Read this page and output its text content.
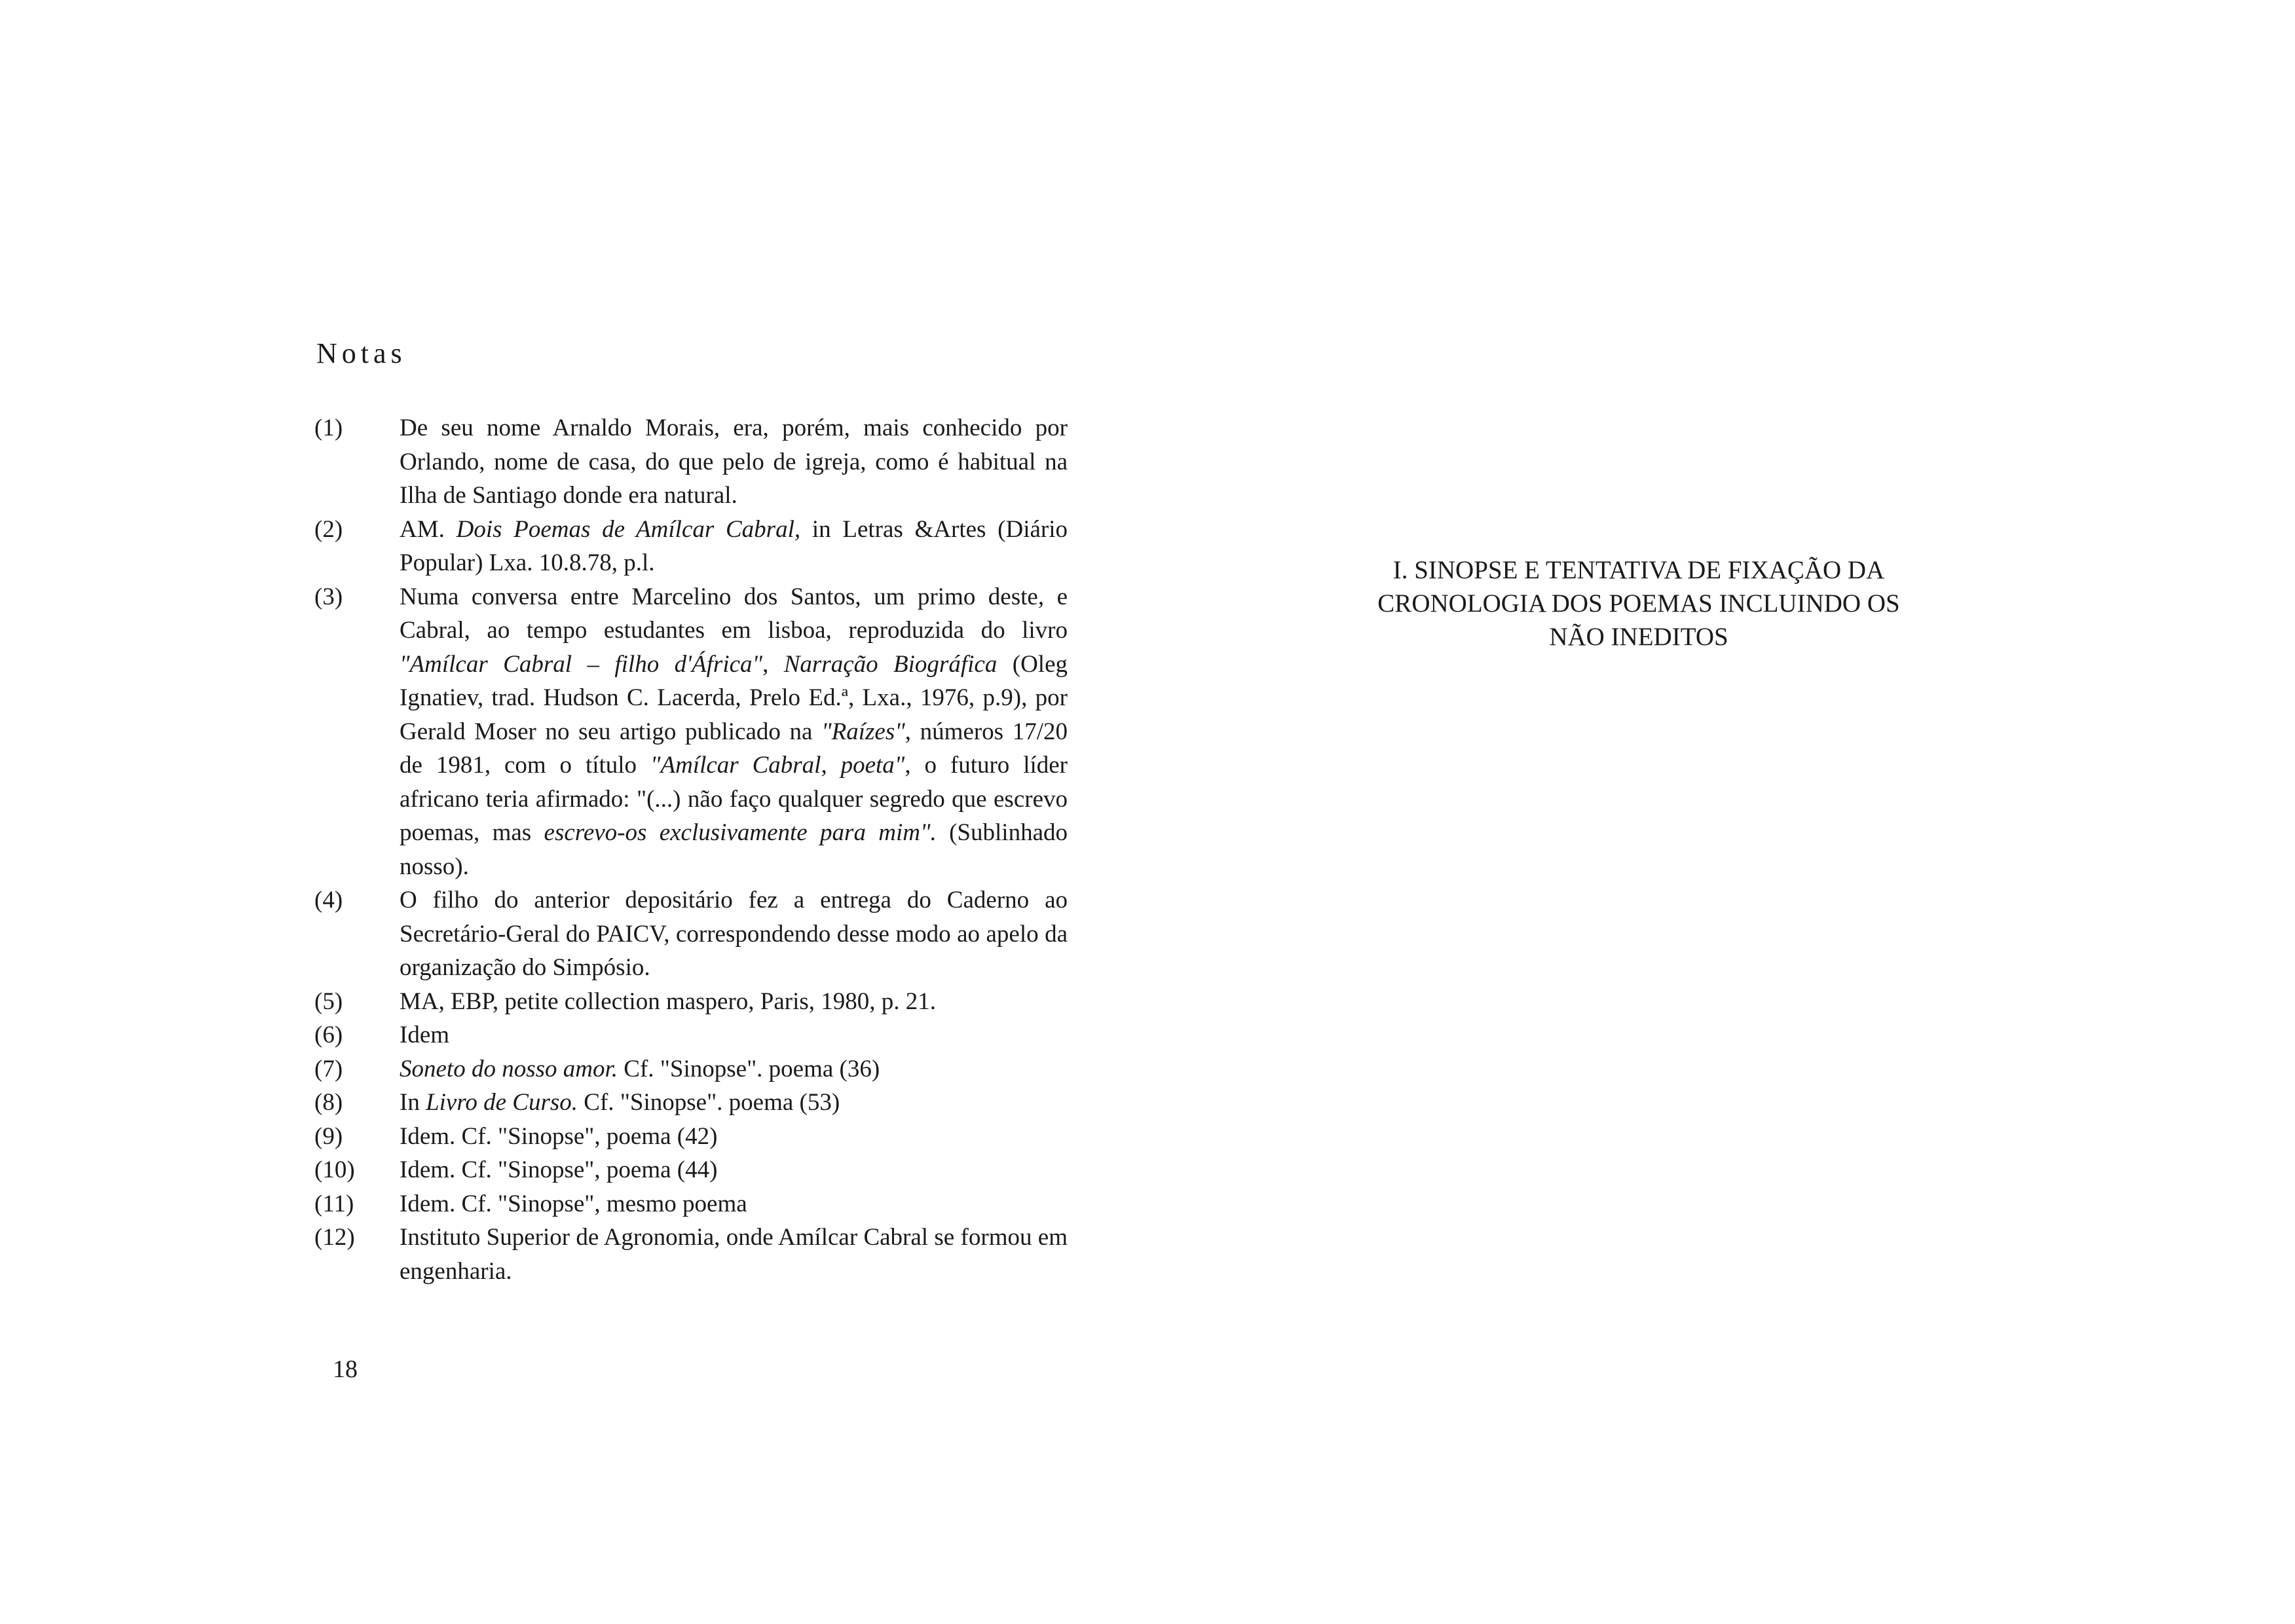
Notas
(1)	De seu nome Arnaldo Morais, era, porém, mais conhecido por Orlando, nome de casa, do que pelo de igreja, como é habitual na Ilha de Santiago donde era natural.
(2)	AM. Dois Poemas de Amílcar Cabral, in Letras &Artes (Diário Popular) Lxa. 10.8.78, p.l.
(3)	Numa conversa entre Marcelino dos Santos, um primo deste, e Cabral, ao tempo estudantes em lisboa, reproduzida do livro "Amílcar Cabral – filho d'África", Narração Biográfica (Oleg Ignatiev, trad. Hudson C. Lacerda, Prelo Ed.ª, Lxa., 1976, p.9), por Gerald Moser no seu artigo publicado na "Raízes", números 17/20 de 1981, com o título "Amílcar Cabral, poeta", o futuro líder africano teria afirmado: "(...) não faço qualquer segredo que escrevo poemas, mas escrevo-os exclusivamente para mim". (Sublinhado nosso).
(4)	O filho do anterior depositário fez a entrega do Caderno ao Secretário-Geral do PAICV, correspondendo desse modo ao apelo da organização do Simpósio.
(5)	MA, EBP, petite collection maspero, Paris, 1980, p. 21.
(6)	Idem
(7)	Soneto do nosso amor. Cf. "Sinopse". poema (36)
(8)	In Livro de Curso. Cf. "Sinopse". poema (53)
(9)	Idem. Cf. "Sinopse", poema (42)
(10)	Idem. Cf. "Sinopse", poema (44)
(11)	Idem. Cf. "Sinopse", mesmo poema
(12)	Instituto Superior de Agronomia, onde Amílcar Cabral se formou em engenharia.
18
I. SINOPSE E TENTATIVA DE FIXAÇÃO DA
CRONOLOGIA DOS POEMAS INCLUINDO OS
NÃO INEDITOS
